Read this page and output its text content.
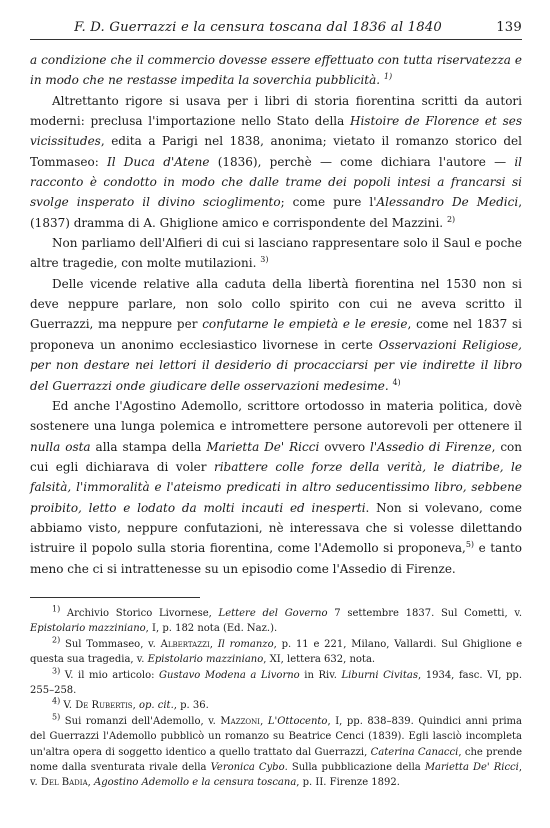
F. D. Guerrazzi e la censura toscana dal 1836 al 1840	139

a condizione che il commercio dovesse essere effettuato con tutta riservatezza e in modo che ne restasse impedita la soverchia pubblicità. $^{1)}$

Altrettanto rigore si usava per i libri di storia fiorentina scritti da autori moderni: preclusa l'importazione nello Stato della Histoire de Florence et ses vicissitudes, edita a Parigi nel 1838, anonima; vietato il romanzo storico del Tommaseo: Il Duca d'Atene (1836), perchè — come dichiara l'autore — il racconto è condotto in modo che dalle trame dei popoli intesi a francarsi si svolge insperato il divino scioglimento; come pure l'Alessandro De Medici, (1837) dramma di A. Ghiglione amico e corrispondente del Mazzini. $^{2)}$

Non parliamo dell'Alfieri di cui si lasciano rappresentare solo il Saul e poche altre tragedie, con molte mutilazioni. $^{3)}$

Delle vicende relative alla caduta della libertà fiorentina nel 1530 non si deve neppure parlare, non solo collo spirito con cui ne aveva scritto il Guerrazzi, ma neppure per confutarne le empietà e le eresie, come nel 1837 si proponeva un anonimo ecclesiastico livornese in certe Osservazioni Religiose, per non destare nei lettori il desiderio di procacciarsi per vie indirette il libro del Guerrazzi onde giudicare delle osservazioni medesime. $^{4)}$

Ed anche l'Agostino Ademollo, scrittore ortodosso in materia politica, dovè sostenere una lunga polemica e intromettere persone autorevoli per ottenere il nulla osta alla stampa della Marietta De' Ricci ovvero l'Assedio di Firenze, con cui egli dichiarava di voler ribattere colle forze della verità, le diatribe, le falsità, l'immoralità e l'ateismo predicati in altro seducentissimo libro, sebbene proibito, letto e lodato da molti incauti ed inesperti. Non si volevano, come abbiamo visto, neppure confutazioni, nè interessava che si volesse dilettando istruire il popolo sulla storia fiorentina, come l'Ademollo si proponeva,$^{5)}$ e tanto meno che ci si intrattenesse su un episodio come l'Assedio di Firenze.

$^{1)}$ Archivio Storico Livornese, Lettere del Governo 7 settembre 1837. Sul Cometti, v. Epistolario mazziniano, I, p. 182 nota (Ed. Naz.).

$^{2)}$ Sul Tommaseo, v. Albertazzi, Il romanzo, p. 11 e 221, Milano, Vallardi. Sul Ghiglione e questa sua tragedia, v. Epistolario mazziniano, XI, lettera 632, nota.

$^{3)}$ V. il mio articolo: Gustavo Modena a Livorno in Riv. Liburni Civitas, 1934, fasc. VI, pp. 255–258.

$^{4)}$ V. De Rubertis, op. cit., p. 36.

$^{5)}$ Sui romanzi dell'Ademollo, v. Mazzoni, L'Ottocento, I, pp. 838–839. Quindici anni prima del Guerrazzi l'Ademollo pubblicò un romanzo su Beatrice Cenci (1839). Egli lasciò incompleta un'altra opera di soggetto identico a quello trattato dal Guerrazzi, Caterina Canacci, che prende nome dalla sventurata rivale della Veronica Cybo. Sulla pubblicazione della Marietta De' Ricci, v. Del Badia, Agostino Ademollo e la censura toscana, p. II. Firenze 1892.
